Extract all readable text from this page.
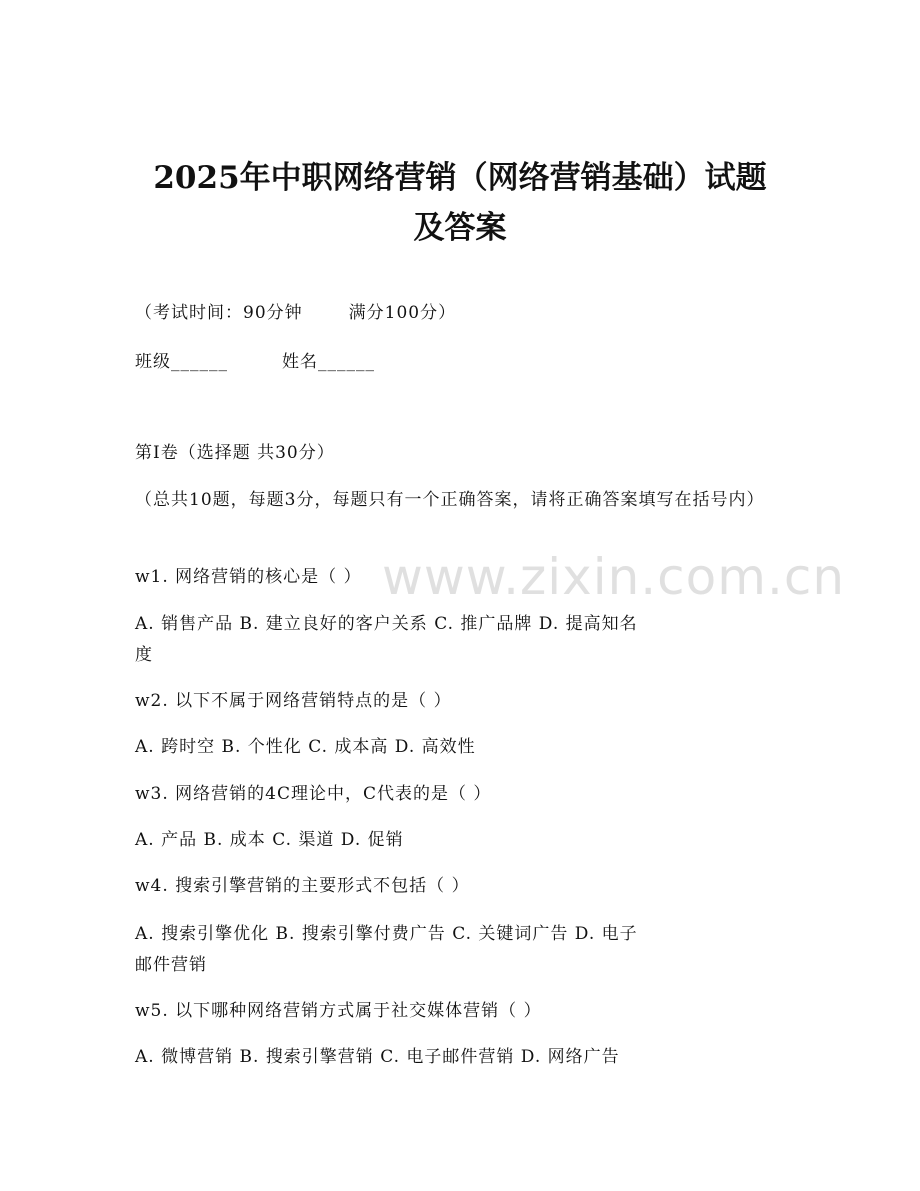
2025年中职网络营销（网络营销基础）试题
及答案
（考试时间：90分钟	满分100分）
班级______	姓名______
第I卷（选择题 共30分）
（总共10题，每题3分，每题只有一个正确答案，请将正确答案填写在括号内）
w1. 网络营销的核心是（ ）
A. 销售产品 B. 建立良好的客户关系 C. 推广品牌 D. 提高知名
度
w2. 以下不属于网络营销特点的是（ ）
A. 跨时空 B. 个性化 C. 成本高 D. 高效性
w3. 网络营销的4C理论中，C代表的是（ ）
A. 产品 B. 成本 C. 渠道 D. 促销
w4. 搜索引擎营销的主要形式不包括（ ）
A. 搜索引擎优化 B. 搜索引擎付费广告 C. 关键词广告 D. 电子
邮件营销
w5. 以下哪种网络营销方式属于社交媒体营销（ ）
A. 微博营销 B. 搜索引擎营销 C. 电子邮件营销 D. 网络广告
www.zixin.com.cn
